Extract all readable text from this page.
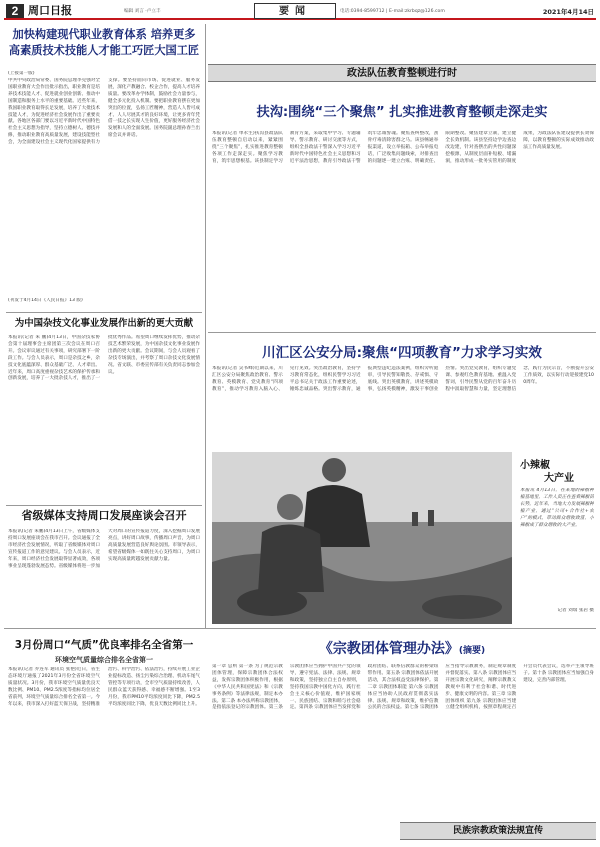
2 周口日报	编辑 刘言 ·卢立丰	要闻	电话:0394-8599712 | E-mail:zkrbqz@126.com	2021年4月14日
加快构建现代职业教育体系 培养更多
高素质技术技能人才能工巧匠大国工匠
(上接第一版)
中共中央政治局常委、国务院总理李克强对全国职业教育大会作出批示指出，职业教育是培养技术技能人才、促进就业创业创新、推动中国制造和服务上水平的重要基础。近些年来，我国职业教育取得长足发展，培养了大批技术技能人才，为促进经济社会发展作出了重要贡献。各地区各部门要以习近平新时代中国特色社会主义思想为指导，坚持立德树人、德技并修，推动职业教育高质量发展，建设技能型社会，为全面建设社会主义现代化国家提供有力支撑。要坚持面向市场、促进就业、服务发展，深化产教融合、校企合作，提高人才培养质量。要改革办学体制，鼓励社会力量参与，健全多元化投入机制。要把职业教育摆在更加突出的位置，弘扬工匠精神，营造人人皆可成才、人人尽展其才的良好环境，让更多青年凭借一技之长实现人生价值，更好服务经济社会发展和人的全面发展。国务院副总理孙春兰出席会议并讲话。
(刊发于4月14日《人民日报》13 版)
为中国杂技文化事业发展作出新的更大贡献
本报讯(记者 朱 鹏)4月13日，中国杂技家协会第十届理事会主席团第三次会议在周口召开。会议审议通过有关事项，研究部署下一阶段工作。与会人员表示，周口是杂技之乡，杂技文化底蕴深厚、群众基础广泛、人才辈出。近年来，周口高度重视杂技艺术的保护传承和创新发展，培养了一大批杂技人才，推出了一批优秀作品。希望周口继续发挥优势，推动杂技艺术繁荣发展，为中国杂技文化事业发展作出新的更大贡献。会议期间，与会人员观看了杂技专场演出，并考察了周口杂技文化发展情况。省文联、市委宣传部有关负责同志参加会议。
省级媒体支持周口发展座谈会召开
本报讯(记者 朱鹏)4月13日上午，省级媒体支持周口发展座谈会在我市召开。会议通报了全市经济社会发展情况，听取了省级媒体对周口宣传报道工作的意见建议。与会人员表示，近年来，周口经济社会发展取得显著成效，各项事业呈现蓬勃发展态势。省级媒体将进一步加大对周口的宣传报道力度，深入挖掘周口发展亮点，讲好周口故事，传播周口声音，为周口高质量发展营造良好舆论氛围。市领导表示，希望省级媒体一如既往关心支持周口，为周口实现高质量跨越发展贡献力量。
政法队伍教育整顿进行时
扶沟:围绕“三个聚焦” 扎实推进教育整顿走深走实
本报讯(记者 单永生)扶沟县政法队伍教育整顿自启动以来，紧紧围绕“三个聚焦”，扎实推进教育整顿各项工作走深走实。聚焦学习教育，筑牢思想根基。该县制定学习教育方案，采取集中学习、专题辅导、警示教育、研讨交流等方式，组织全县政法干警深入学习习近平新时代中国特色社会主义思想和习近平法治思想，教育引导政法干警筑牢忠诚警魂。聚焦查纠整改，刮骨疗毒清除害群之马。该县畅通举报渠道，设立举报箱、公布举报电话，广泛收集问题线索，对排查出的问题逐一建立台账、明确责任、限期整改。聚焦建章立制，建立健全长效机制。该县坚持边学边查边改边建，针对查摆出的共性问题深挖根源，从制度层面补短板、堵漏洞，推动形成一批务实管用的制度成果，为政法队伍建设提供长效保障，以教育整顿的实际成效推动政法工作高质量发展。
川汇区公安分局:聚焦“四项教育”力求学习实效
本报讯(记者 吴书峰)近期以来，川汇区公安分局聚焦政治教育、警示教育、英模教育、党史教育“四项教育”，推动学习教育入脑入心、见行见效。突出政治教育，坚持学习教育常态化，组织民警学习习近平总书记关于政法工作重要论述，锤炼忠诚品格。突出警示教育，通报典型违纪违法案例，组织旁听庭审，引导民警知敬畏、存戒惧、守底线。突出英模教育，讲述英模故事，弘扬英模精神，激发干事创业热情。突出党史教育，组织专题党课、参观红色教育基地、重温入党誓词，引导民警从党的百年奋斗历程中汲取智慧和力量，坚定理想信念，践行为民宗旨，不断提升公安工作质效，以实际行动迎接建党100周年。
图为工作人员正在现场查看农作物生长情况。
小辣椒
大产业
本报讯 4月13日，在某地的辣椒种植基地里，工作人员正在查看辣椒苗长势。近年来，当地大力发展辣椒种植产业，通过“公司+合作社+农户”的模式，带动群众增收致富，小辣椒成了群众增收的大产业。
记者 刘瑞 张岩 摄
3月份周口“气质”优良率排名全省第一
环境空气质量综合排名全省第一
本报讯(记者 乔连军 通讯员 张艳)近日，省生态环境厅通报了2021年3月份全省环境空气质量状况。3月份，我市环境空气质量优良天数比例、PM10、PM2.5浓度等指标均位居全省前列，环境空气质量综合排名全省第一。今年以来，我市深入打好蓝天保卫战，坚持精准治污、科学治污、依法治污，持续开展工业企业提标改造、扬尘污染综合治理、机动车尾气管控等专项行动，全市空气质量持续改善，人民群众蓝天获得感、幸福感不断增强。1至3月份，我市PM10平均浓度同比下降，PM2.5平均浓度同比下降，优良天数比例同比上升。
《宗教团体管理办法》(摘要)
第一章 总则 第一条 为了规范宗教团体管理，保障宗教团体合法权益，发挥宗教团体积极作用，根据《中华人民共和国宪法》和《宗教事务条例》等法律法规，制定本办法。第二条 本办法所称宗教团体，是指依法登记的宗教团体。第三条 宗教团体应当拥护中国共产党的领导，遵守宪法、法律、法规、规章和政策，坚持独立自主自办原则，坚持我国宗教中国化方向，践行社会主义核心价值观，维护国家统一、民族团结、宗教和睦与社会稳定。第四条 宗教团体应当发挥党和政府团结、联系信教群众的桥梁纽带作用。第五条 宗教团体依法开展活动，其合法权益受法律保护。第二章 宗教团体职能 第六条 宗教团体应当协助人民政府贯彻落实法律、法规、规章和政策，维护信教公民的合法权益。第七条 宗教团体应当指导宗教教务，制定规章制度并督促落实。第八条 宗教团体应当开展宗教文化研究，阐释宗教教义教规中有利于社会和谐、时代进步、健康文明的内容。第三章 宗教团体组织 第九条 宗教团体应当建立健全组织机构，按照章程规定召开会员代表会议，选举产生领导班子。第十条 宗教团体应当加强自身建设，完善内部管理。
民族宗教政策法规宣传
